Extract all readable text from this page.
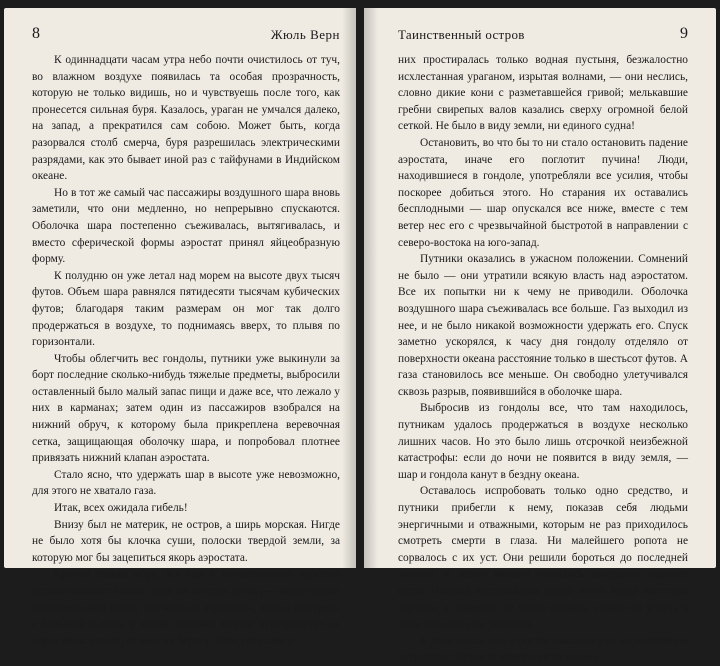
8	Жюль Верн

К одиннадцати часам утра небо почти очистилось от туч, во влажном воздухе появилась та особая прозрачность, которую не только видишь, но и чувствуешь после того, как пронесется сильная буря. Казалось, ураган не умчался далеко, на запад, а прекратился сам собою. Может быть, когда разорвался столб смерча, буря разрешилась электрическими разрядами, как это бывает иной раз с тайфунами в Индийском океане.

Но в тот же самый час пассажиры воздушного шара вновь заметили, что они медленно, но непрерывно спускаются. Оболочка шара постепенно съеживалась, вытягивалась, и вместо сферической формы аэростат принял яйцеобразную форму.

К полудню он уже летал над морем на высоте двух тысяч футов. Объем шара равнялся пятидесяти тысячам кубических футов; благодаря таким размерам он мог так долго продержаться в воздухе, то поднимаясь вверх, то плывя по горизонтали.

Чтобы облегчить вес гондолы, путники уже выкинули за борт последние сколько-нибудь тяжелые предметы, выбросили оставленный было малый запас пищи и даже все, что лежало у них в карманах; затем один из пассажиров взобрался на нижний обруч, к которому была прикреплена веревочная сетка, защищающая оболочку шара, и попробовал плотнее привязать нижний клапан аэростата.

Стало ясно, что удержать шар в высоте уже невозможно, для этого не хватало газа.

Итак, всех ожидала гибель!

Внизу был не материк, не остров, а ширь морская. Нигде не было хотя бы клочка суши, полоски твердой земли, за которую мог бы зацепиться якорь аэростата.

Кругом только море, все еще с непостижимой яростью перекатывавшее волны. Куда ни кинешь взгляд — везде только беспредельный океан; несчастные аэронавты, хотя и смотрели с большой высоты и могли охватить взором пространство на сорок миль вокруг, не видели берега. Перед глазами у

Таинственный остров	9

них простиралась только водная пустыня, безжалостно исхлестанная ураганом, изрытая волнами, — они неслись, словно дикие кони с разметавшейся гривой; мелькавшие гребни свирепых валов казались сверху огромной белой сеткой. Не было в виду земли, ни единого судна!

Остановить, во что бы то ни стало остановить падение аэростата, иначе его поглотит пучина! Люди, находившиеся в гондоле, употребляли все усилия, чтобы поскорее добиться этого. Но старания их оставались бесплодными — шар опускался все ниже, вместе с тем ветер нес его с чрезвычайной быстротой в направлении с северо-востока на юго-запад.

Путники оказались в ужасном положении. Сомнений не было — они утратили всякую власть над аэростатом. Все их попытки ни к чему не приводили. Оболочка воздушного шара съеживалась все больше. Газ выходил из нее, и не было никакой возможности удержать его. Спуск заметно ускорялся, к часу дня гондолу отделяло от поверхности океана расстояние только в шестьсот футов. А газа становилось все меньше. Он свободно улетучивался сквозь разрыв, появившийся в оболочке шара.

Выбросив из гондолы все, что там находилось, путникам удалось продержаться в воздухе несколько лишних часов. Но это было лишь отсрочкой неизбежной катастрофы: если до ночи не появится в виду земля, — шар и гондола канут в бездну океана.

Оставалось испробовать только одно средство, и путники прибегли к нему, показав себя людьми энергичными и отважными, которым не раз приходилось смотреть смерти в глаза. Ни малейшего ропота не сорвалось с их уст. Они решили бороться до последней минуты и всеми мерами пытались замедлить падение шара. Гондола представляла собой нечто вроде плетеной корзины и, конечно, не могла плавать: стоило ей упасть в воду, она сразу бы затонула.

К двум часам дня аэростат оказался уже на расстоянии четырехсот футов от поверхности океана.
